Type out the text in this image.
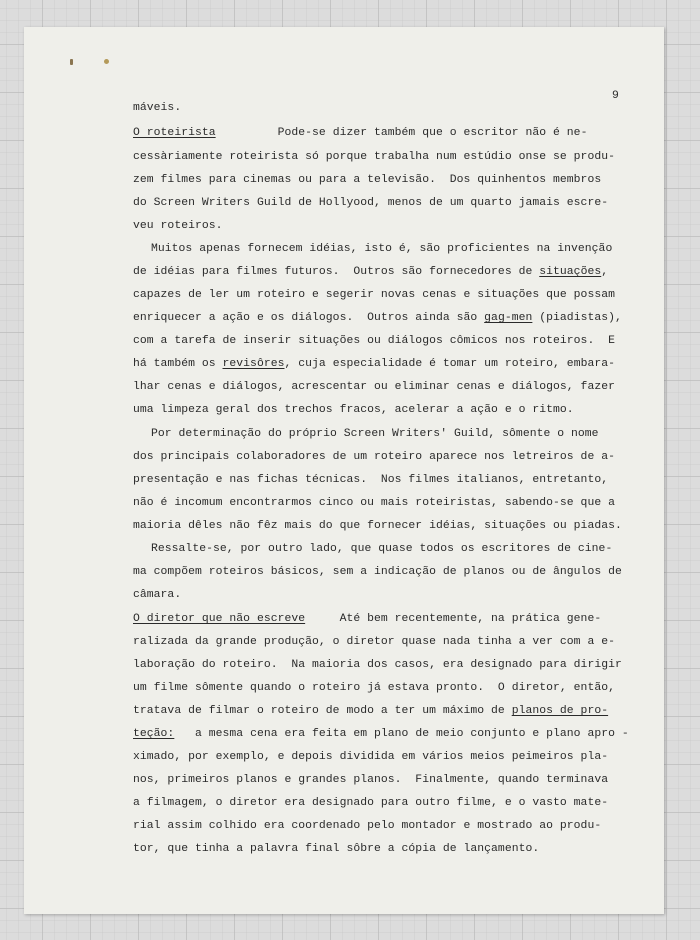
9
máveis.
O roteirista         Pode-se dizer também que o escritor não é ne-
cessàriamente roteirista só porque trabalha num estúdio onse se produ-
zem filmes para cinemas ou para a televisão.  Dos quinhentos membros
do Screen Writers Guild de Hollyood, menos de um quarto jamais escre-
veu roteiros.
Muitos apenas fornecem idéias, isto é, são proficientes na invenção
de idéias para filmes futuros.  Outros são fornecedores de situações,
capazes de ler um roteiro e segerir novas cenas e situações que possam
enriquecer a ação e os diálogos.  Outros ainda são gag-men (piadistas),
com a tarefa de inserir situações ou diálogos cômicos nos roteiros.  E
há também os revisôres, cuja especialidade é tomar um roteiro, embara-
lhar cenas e diálogos, acrescentar ou eliminar cenas e diálogos, fazer
uma limpeza geral dos trechos fracos, acelerar a ação e o ritmo.
Por determinação do próprio Screen Writers' Guild, sômente o nome
dos principais colaboradores de um roteiro aparece nos letreiros de a-
presentação e nas fichas técnicas.  Nos filmes italianos, entretanto,
não é incomum encontrarmos cinco ou mais roteiristas, sabendo-se que a
maioria dêles não fêz mais do que fornecer idéias, situações ou piadas.
Ressalte-se, por outro lado, que quase todos os escritores de cine-
ma compõem roteiros básicos, sem a indicação de planos ou de ângulos de
câmara.
O diretor que não escreve     Até bem recentemente, na prática gene-
ralizada da grande produção, o diretor quase nada tinha a ver com a e-
laboração do roteiro.  Na maioria dos casos, era designado para dirigir
um filme sômente quando o roteiro já estava pronto.  O diretor, então,
tratava de filmar o roteiro de modo a ter um máximo de planos de pro-
teção:   a mesma cena era feita em plano de meio conjunto e plano apro -
ximado, por exemplo, e depois dividida em vários meios peimeiros pla-
nos, primeiros planos e grandes planos.  Finalmente, quando terminava
a filmagem, o diretor era designado para outro filme, e o vasto mate-
rial assim colhido era coordenado pelo montador e mostrado ao produ-
tor, que tinha a palavra final sôbre a cópia de lançamento.
